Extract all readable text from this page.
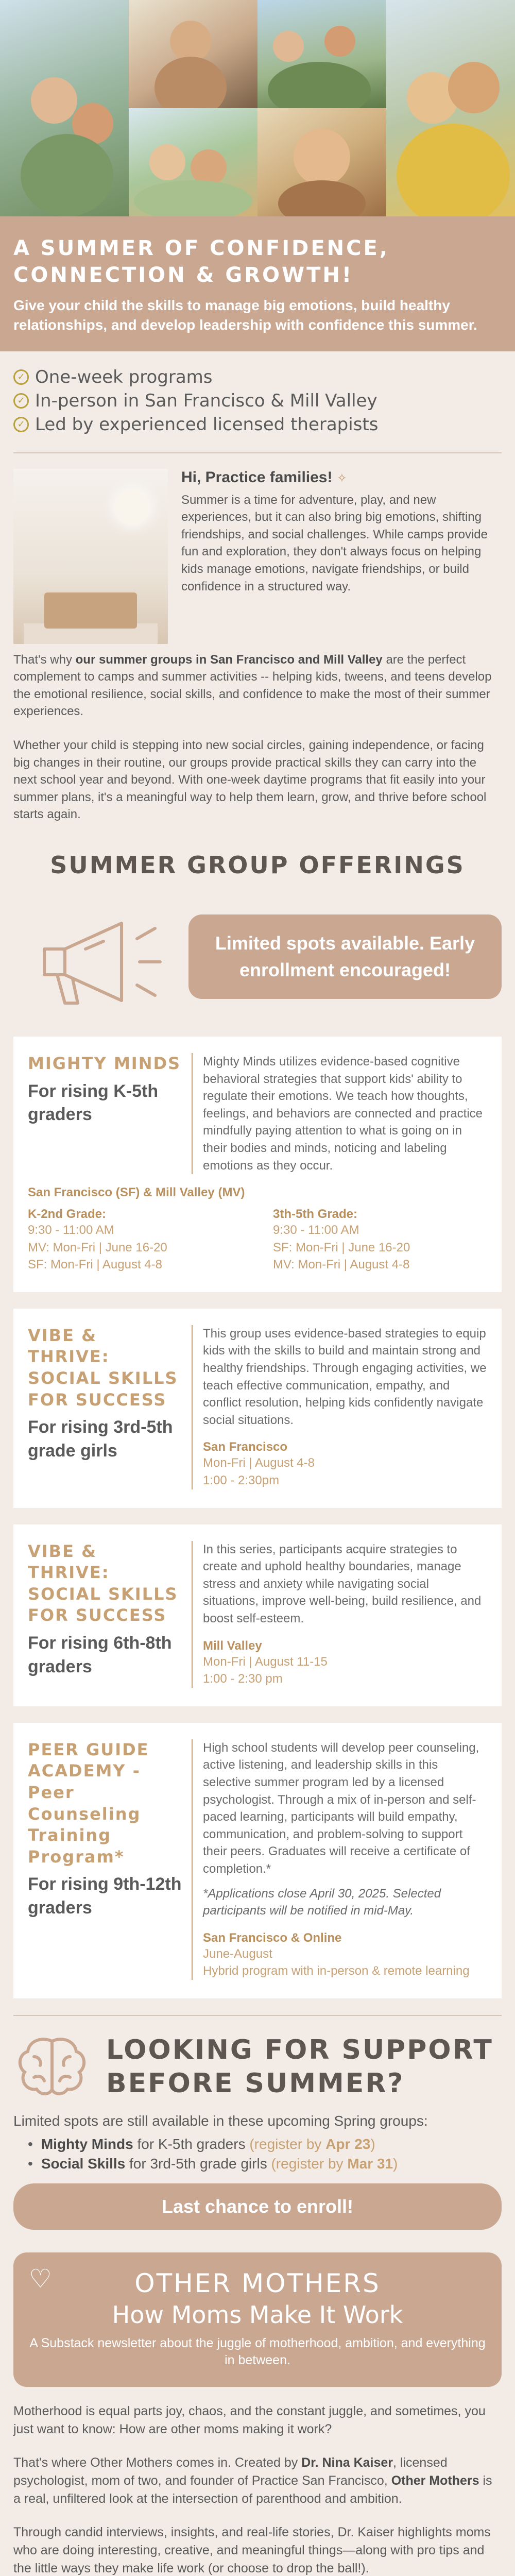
A SUMMER OF CONFIDENCE, CONNECTION & GROWTH!

Give your child the skills to manage big emotions, build healthy relationships, and develop leadership with confidence this summer.

✓ One-week programs
✓ In-person in San Francisco & Mill Valley
✓ Led by experienced licensed therapists
Hi, Practice families! ✧

Summer is a time for adventure, play, and new experiences, but it can also bring big emotions, shifting friendships, and social challenges. While camps provide fun and exploration, they don't always focus on helping kids manage emotions, navigate friendships, or build confidence in a structured way.

That's why our summer groups in San Francisco and Mill Valley are the perfect complement to camps and summer activities -- helping kids, tweens, and teens develop the emotional resilience, social skills, and confidence to make the most of their summer experiences.

Whether your child is stepping into new social circles, gaining independence, or facing big changes in their routine, our groups provide practical skills they can carry into the next school year and beyond. With one-week daytime programs that fit easily into your summer plans, it's a meaningful way to help them learn, grow, and thrive before school starts again.

SUMMER GROUP OFFERINGS
Limited spots available. Early enrollment encouraged!
MIGHTY MINDS
For rising K-5th graders
Mighty Minds utilizes evidence-based cognitive behavioral strategies that support kids' ability to regulate their emotions. We teach how thoughts, feelings, and behaviors are connected and practice mindfully paying attention to what is going on in their bodies and minds, noticing and labeling emotions as they occur.
San Francisco (SF) & Mill Valley (MV)
K-2nd Grade:
9:30 - 11:00 AM
MV: Mon-Fri | June 16-20
SF: Mon-Fri | August 4-8
3th-5th Grade:
9:30 - 11:00 AM
SF: Mon-Fri | June 16-20
MV: Mon-Fri | August 4-8
VIBE & THRIVE: SOCIAL SKILLS FOR SUCCESS
For rising 3rd-5th grade girls
This group uses evidence-based strategies to equip kids with the skills to build and maintain strong and healthy friendships. Through engaging activities, we teach effective communication, empathy, and conflict resolution, helping kids confidently navigate social situations.
San Francisco
Mon-Fri | August 4-8
1:00 - 2:30pm
VIBE & THRIVE: SOCIAL SKILLS FOR SUCCESS
For rising 6th-8th graders
In this series, participants acquire strategies to create and uphold healthy boundaries, manage stress and anxiety while navigating social situations, improve well-being, build resilience, and boost self-esteem.
Mill Valley
Mon-Fri | August 11-15
1:00 - 2:30 pm
PEER GUIDE ACADEMY - Peer Counseling Training Program*
For rising 9th-12th graders
High school students will develop peer counseling, active listening, and leadership skills in this selective summer program led by a licensed psychologist. Through a mix of in-person and self-paced learning, participants will build empathy, communication, and problem-solving to support their peers. Graduates will receive a certificate of completion.*
*Applications close April 30, 2025. Selected participants will be notified in mid-May.
San Francisco & Online
June-August
Hybrid program with in-person & remote learning
LOOKING FOR SUPPORT BEFORE SUMMER?

Limited spots are still available in these upcoming Spring groups:

• Mighty Minds for K-5th graders (register by Apr 23)
• Social Skills for 3rd-5th grade girls (register by Mar 31)
Last chance to enroll!
♡	OTHER MOTHERS
How Moms Make It Work

A Substack newsletter about the juggle of motherhood, ambition, and everything in between.

Motherhood is equal parts joy, chaos, and the constant juggle, and sometimes, you just want to know: How are other moms making it work?

That's where Other Mothers comes in. Created by Dr. Nina Kaiser, licensed psychologist, mom of two, and founder of Practice San Francisco, Other Mothers is a real, unfiltered look at the intersection of parenthood and ambition.

Through candid interviews, insights, and real-life stories, Dr. Kaiser highlights moms who are doing interesting, creative, and meaningful things—along with pro tips and the little ways they make life work (or choose to drop the ball!).
